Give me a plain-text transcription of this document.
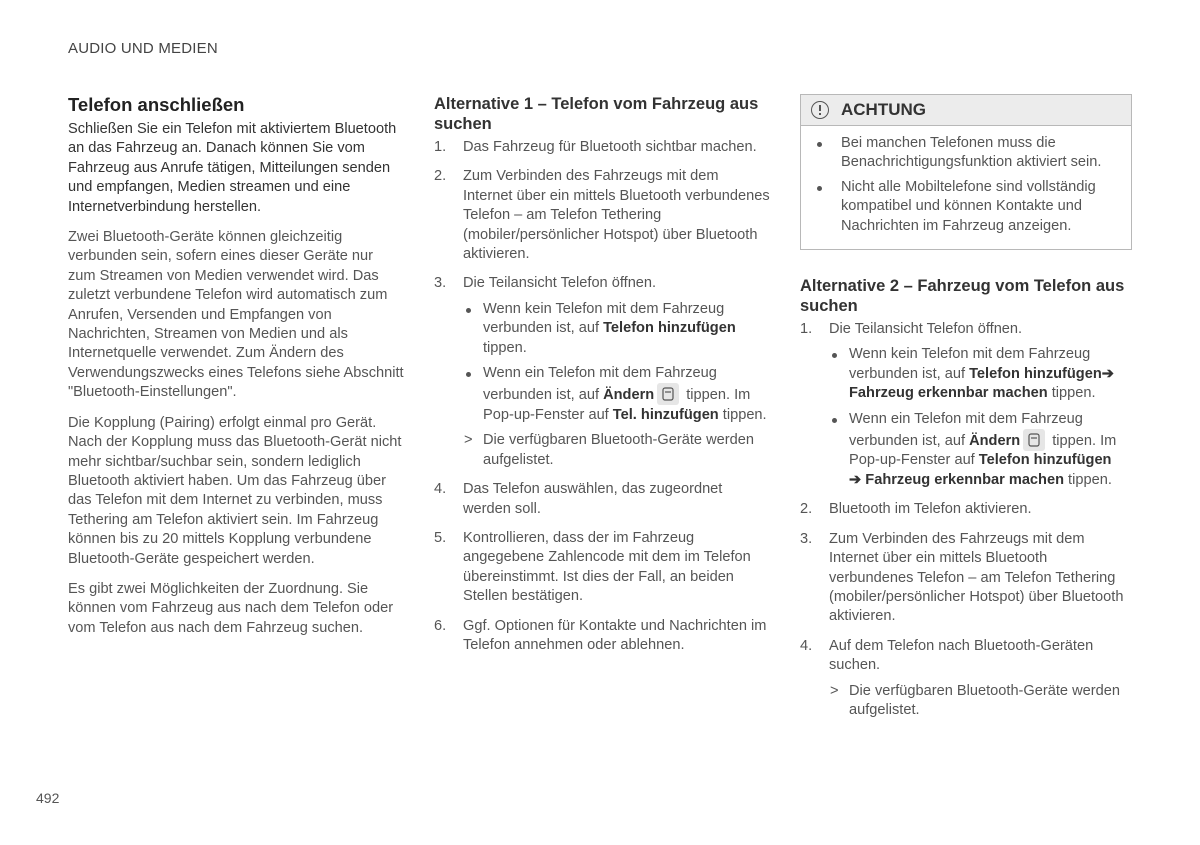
AUDIO UND MEDIEN
Telefon anschließen

Schließen Sie ein Telefon mit aktiviertem Bluetooth an das Fahrzeug an. Danach können Sie vom Fahrzeug aus Anrufe tätigen, Mitteilungen senden und empfangen, Medien streamen und eine Internetverbindung herstellen.

Zwei Bluetooth-Geräte können gleichzeitig verbunden sein, sofern eines dieser Geräte nur zum Streamen von Medien verwendet wird. Das zuletzt verbundene Telefon wird automatisch zum Anrufen, Versenden und Empfangen von Nachrichten, Streamen von Medien und als Internetquelle verwendet. Zum Ändern des Verwendungszwecks eines Telefons siehe Abschnitt "Bluetooth-Einstellungen".

Die Kopplung (Pairing) erfolgt einmal pro Gerät. Nach der Kopplung muss das Bluetooth-Gerät nicht mehr sichtbar/suchbar sein, sondern lediglich Bluetooth aktiviert haben. Um das Fahrzeug über das Telefon mit dem Internet zu verbinden, muss Tethering am Telefon aktiviert sein. Im Fahrzeug können bis zu 20 mittels Kopplung verbundene Bluetooth-Geräte gespeichert werden.

Es gibt zwei Möglichkeiten der Zuordnung. Sie können vom Fahrzeug aus nach dem Telefon oder vom Telefon aus nach dem Fahrzeug suchen.

Alternative 1 – Telefon vom Fahrzeug aus suchen
1. Das Fahrzeug für Bluetooth sichtbar machen.
2. Zum Verbinden des Fahrzeugs mit dem Internet über ein mittels Bluetooth verbundenes Telefon – am Telefon Tethering (mobiler/persönlicher Hotspot) über Bluetooth aktivieren.
3. Die Teilansicht Telefon öffnen.
Wenn kein Telefon mit dem Fahrzeug verbunden ist, auf Telefon hinzufügen tippen.
Wenn ein Telefon mit dem Fahrzeug verbunden ist, auf Ändern
tippen. Im Pop-up-Fenster auf Tel. hinzufügen tippen.
> Die verfügbaren Bluetooth-Geräte werden aufgelistet.
4. Das Telefon auswählen, das zugeordnet werden soll.
5. Kontrollieren, dass der im Fahrzeug angegebene Zahlencode mit dem im Telefon übereinstimmt. Ist dies der Fall, an beiden Stellen bestätigen.
6. Ggf. Optionen für Kontakte und Nachrichten im Telefon annehmen oder ablehnen.
ACHTUNG
Bei manchen Telefonen muss die Benachrichtigungsfunktion aktiviert sein.
Nicht alle Mobiltelefone sind vollständig kompatibel und können Kontakte und Nachrichten im Fahrzeug anzeigen.
Alternative 2 – Fahrzeug vom Telefon aus suchen
1. Die Teilansicht Telefon öffnen.
Wenn kein Telefon mit dem Fahrzeug verbunden ist, auf Telefon hinzufügen➔ Fahrzeug erkennbar machen tippen.
Wenn ein Telefon mit dem Fahrzeug verbunden ist, auf Ändern
tippen. Im Pop-up-Fenster auf Telefon hinzufügen
➔ Fahrzeug erkennbar machen tippen.
2. Bluetooth im Telefon aktivieren.
3. Zum Verbinden des Fahrzeugs mit dem Internet über ein mittels Bluetooth verbundenes Telefon – am Telefon Tethering (mobiler/persönlicher Hotspot) über Bluetooth aktivieren.
4. Auf dem Telefon nach Bluetooth-Geräten suchen.
> Die verfügbaren Bluetooth-Geräte werden aufgelistet.
492
